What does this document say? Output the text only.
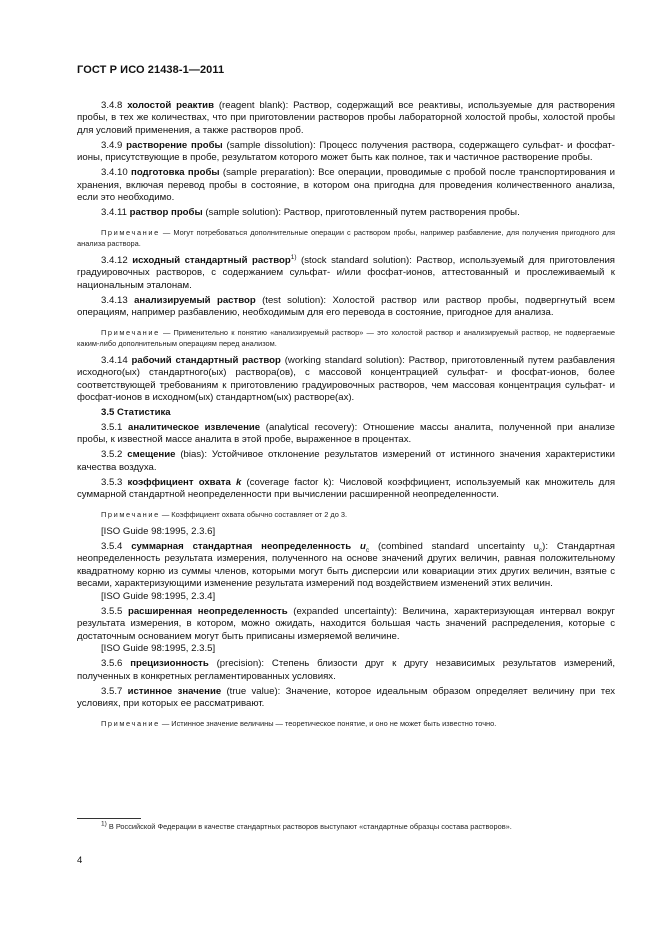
ГОСТ Р ИСО 21438-1—2011
3.4.8 холостой реактив (reagent blank): Раствор, содержащий все реактивы, используемые для растворения пробы, в тех же количествах, что при приготовлении растворов пробы лабораторной холостой пробы, холостой пробы для условий применения, а также растворов проб.
3.4.9 растворение пробы (sample dissolution): Процесс получения раствора, содержащего сульфат- и фосфат-ионы, присутствующие в пробе, результатом которого может быть как полное, так и частичное растворение пробы.
3.4.10 подготовка пробы (sample preparation): Все операции, проводимые с пробой после транспортирования и хранения, включая перевод пробы в состояние, в котором она пригодна для проведения количественного анализа, если это необходимо.
3.4.11 раствор пробы (sample solution): Раствор, приготовленный путем растворения пробы.
Примечание — Могут потребоваться дополнительные операции с раствором пробы, например разбавление, для получения пригодного для анализа раствора.
3.4.12 исходный стандартный раствор$^{1)}$ (stock standard solution): Раствор, используемый для приготовления градуировочных растворов, с содержанием сульфат- и/или фосфат-ионов, аттестованный и прослеживаемый к национальным эталонам.
3.4.13 анализируемый раствор (test solution): Холостой раствор или раствор пробы, подвергнутый всем операциям, например разбавлению, необходимым для его перевода в состояние, пригодное для анализа.
Примечание — Применительно к понятию «анализируемый раствор» — это холостой раствор и анализируемый раствор, не подвергаемые каким-либо дополнительным операциям перед анализом.
3.4.14 рабочий стандартный раствор (working standard solution): Раствор, приготовленный путем разбавления исходного(ых) стандартного(ых) раствора(ов), с массовой концентрацией сульфат- и фосфат-ионов, более соответствующей требованиям к приготовлению градуировочных растворов, чем массовая концентрация сульфат- и фосфат-ионов в исходном(ых) стандартном(ых) растворе(ах).
3.5 Статистика
3.5.1 аналитическое извлечение (analytical recovery): Отношение массы аналита, полученной при анализе пробы, к известной массе аналита в этой пробе, выраженное в процентах.
3.5.2 смещение (bias): Устойчивое отклонение результатов измерений от истинного значения характеристики качества воздуха.
3.5.3 коэффициент охвата k (coverage factor k): Числовой коэффициент, используемый как множитель для суммарной стандартной неопределенности при вычислении расширенной неопределенности.
Примечание — Коэффициент охвата обычно составляет от 2 до 3.
[ISO Guide 98:1995, 2.3.6]
3.5.4 суммарная стандартная неопределенность $u_c$ (combined standard uncertainty $u_c$): Стандартная неопределенность результата измерения, полученного на основе значений других величин, равная положительному квадратному корню из суммы членов, которыми могут быть дисперсии или ковариации этих других величин, взятые с весами, характеризующими изменение результата измерений под воздействием изменений этих величин.
[ISO Guide 98:1995, 2.3.4]
3.5.5 расширенная неопределенность (expanded uncertainty): Величина, характеризующая интервал вокруг результата измерения, в котором, можно ожидать, находится большая часть значений распределения, которые с достаточным основанием могут быть приписаны измеряемой величине.
[ISO Guide 98:1995, 2.3.5]
3.5.6 прецизионность (precision): Степень близости друг к другу независимых результатов измерений, полученных в конкретных регламентированных условиях.
3.5.7 истинное значение (true value): Значение, которое идеальным образом определяет величину при тех условиях, при которых ее рассматривают.
Примечание — Истинное значение величины — теоретическое понятие, и оно не может быть известно точно.
$^{1)}$ В Российской Федерации в качестве стандартных растворов выступают «стандартные образцы состава растворов».
4
